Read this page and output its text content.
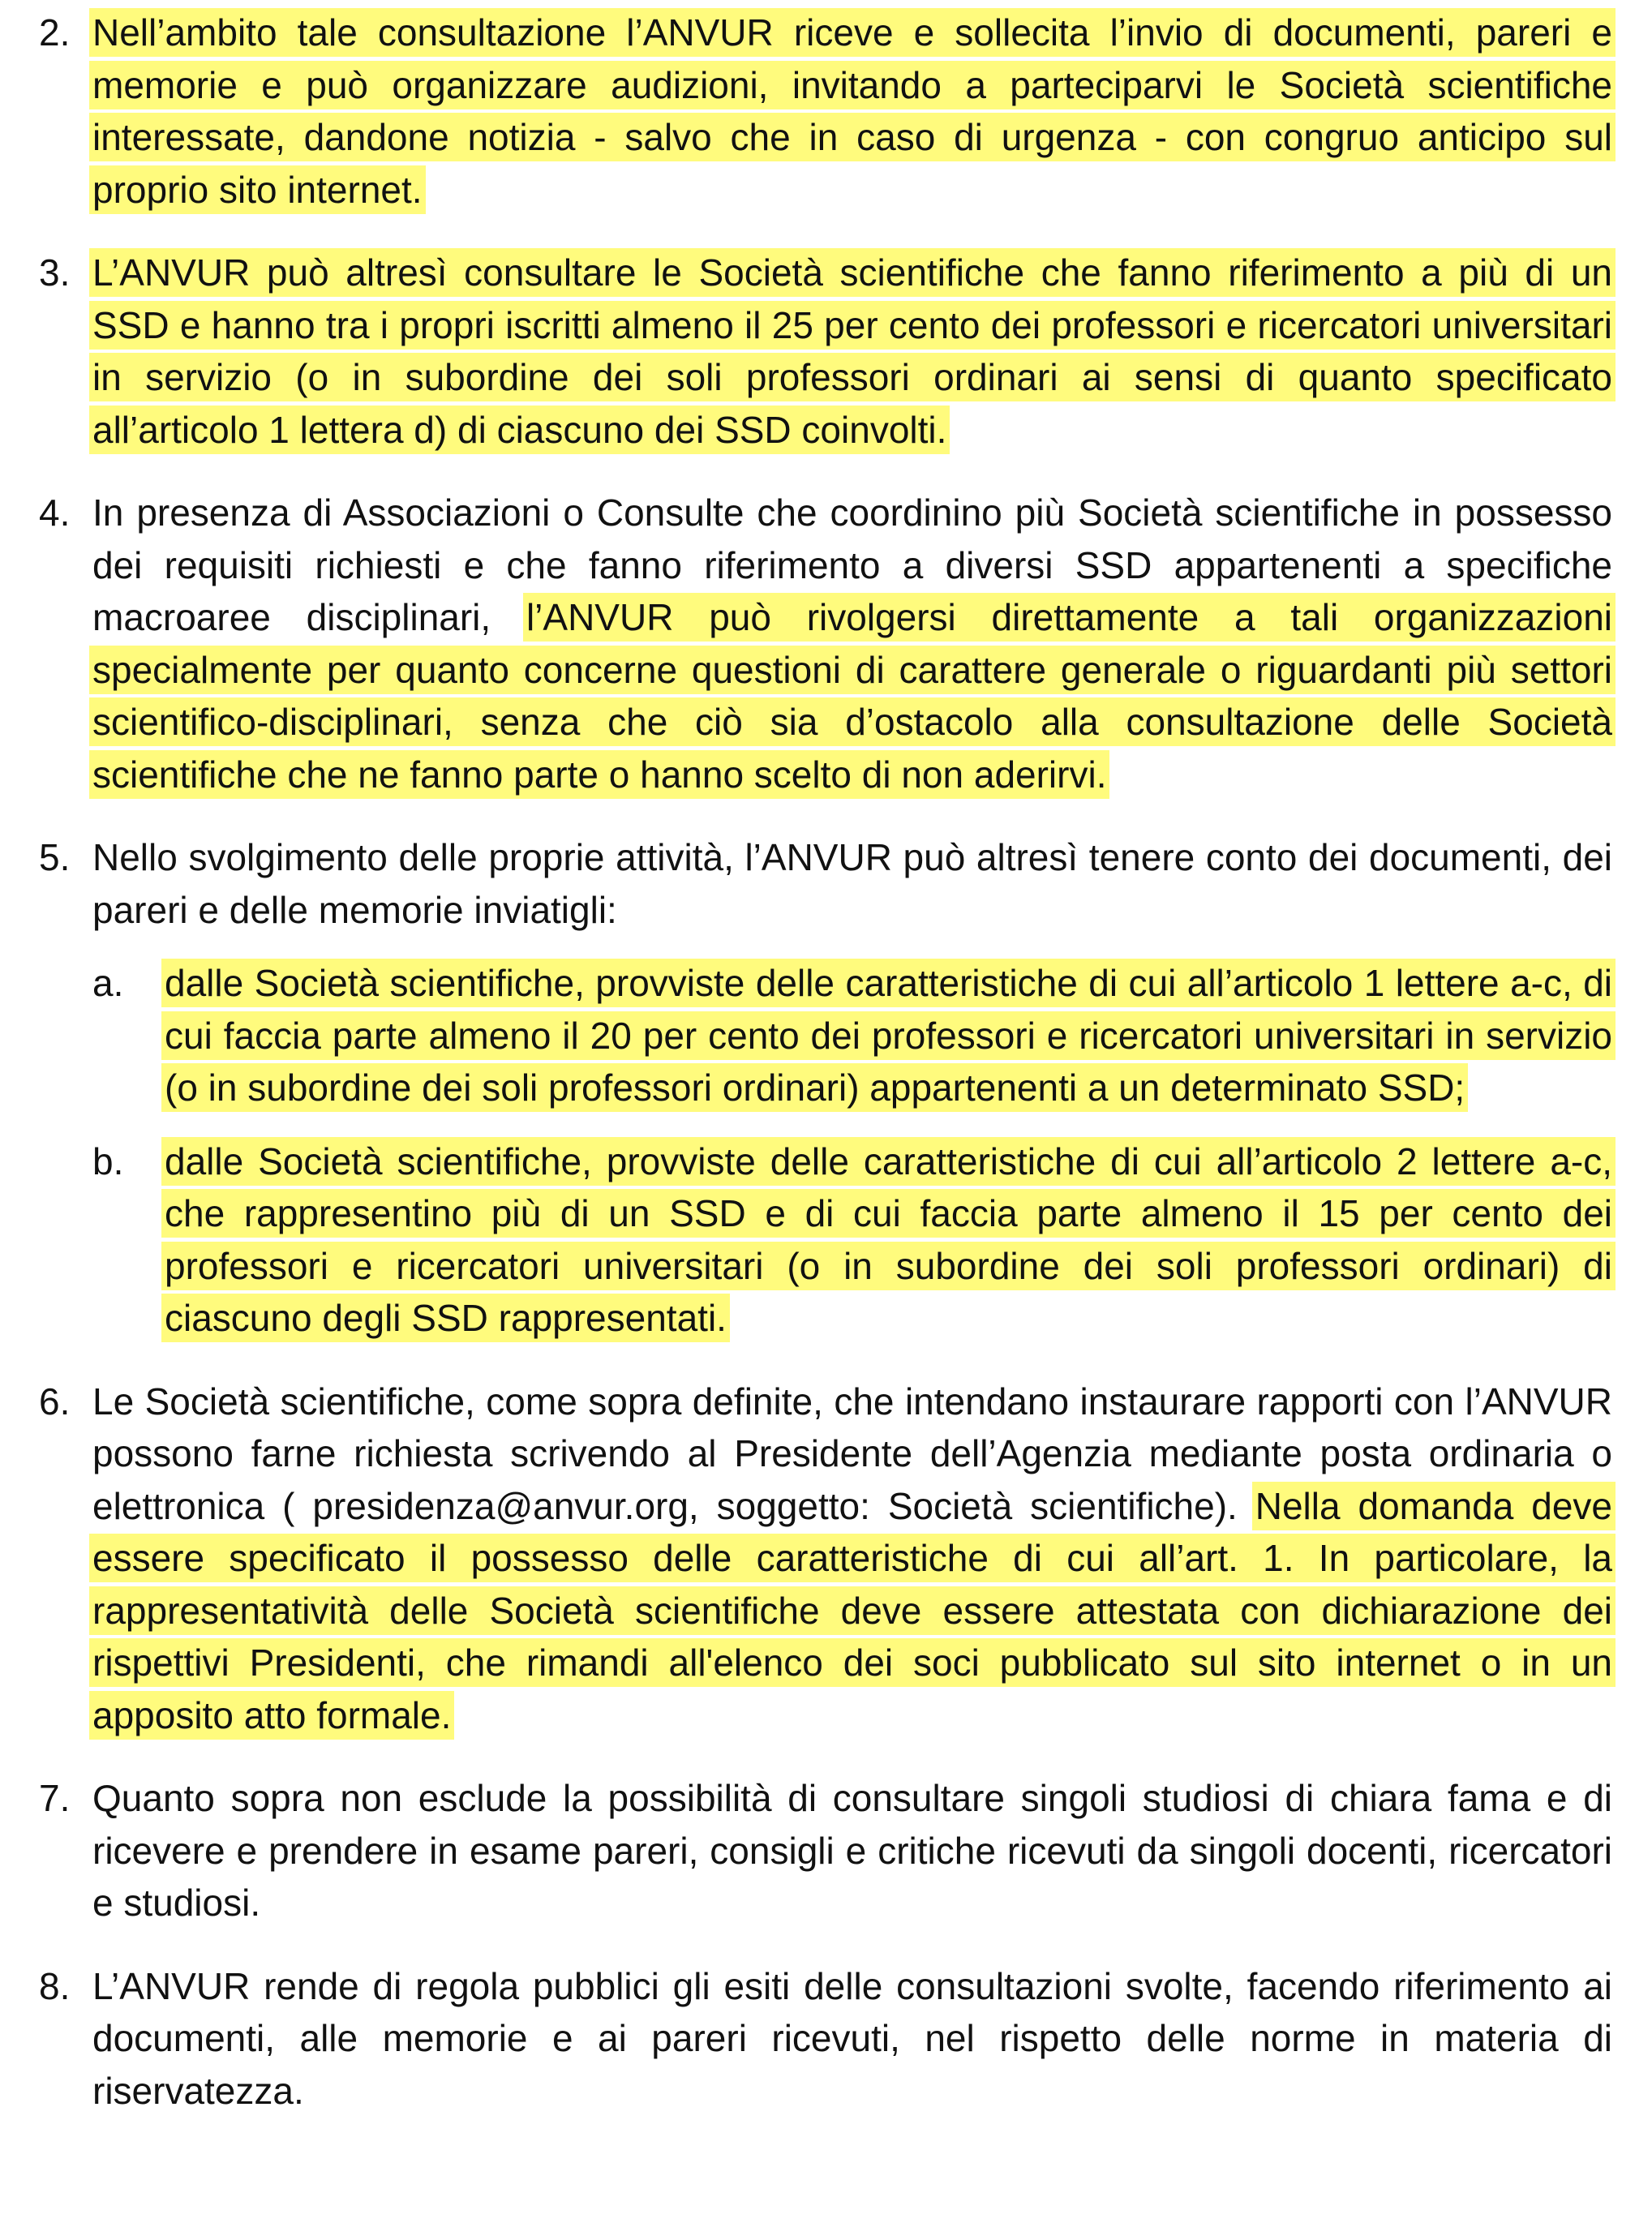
2. Nell’ambito tale consultazione l’ANVUR riceve e sollecita l’invio di documenti, pareri e memorie e può organizzare audizioni, invitando a parteciparvi le Società scientifiche interessate, dandone notizia - salvo che in caso di urgenza - con congruo anticipo sul proprio sito internet.

3. L’ANVUR può altresì consultare le Società scientifiche che fanno riferimento a più di un SSD e hanno tra i propri iscritti almeno il 25 per cento dei professori e ricercatori universitari in servizio (o in subordine dei soli professori ordinari ai sensi di quanto specificato all’articolo 1 lettera d) di ciascuno dei SSD coinvolti.

4. In presenza di Associazioni o Consulte che coordinino più Società scientifiche in possesso dei requisiti richiesti e che fanno riferimento a diversi SSD appartenenti a specifiche macroaree disciplinari, l’ANVUR può rivolgersi direttamente a tali organizzazioni specialmente per quanto concerne questioni di carattere generale o riguardanti più settori scientifico-disciplinari, senza che ciò sia d’ostacolo alla consultazione delle Società scientifiche che ne fanno parte o hanno scelto di non aderirvi.

5. Nello svolgimento delle proprie attività, l’ANVUR può altresì tenere conto dei documenti, dei pareri e delle memorie inviatigli:

a. dalle Società scientifiche, provviste delle caratteristiche di cui all’articolo 1 lettere a-c, di cui faccia parte almeno il 20 per cento dei professori e ricercatori universitari in servizio (o in subordine dei soli professori ordinari) appartenenti a un determinato SSD;

b. dalle Società scientifiche, provviste delle caratteristiche di cui all’articolo 2 lettere a-c, che rappresentino più di un SSD e di cui faccia parte almeno il 15 per cento dei professori e ricercatori universitari (o in subordine dei soli professori ordinari) di ciascuno degli SSD rappresentati.

6. Le Società scientifiche, come sopra definite, che intendano instaurare rapporti con l’ANVUR possono farne richiesta scrivendo al Presidente dell’Agenzia mediante posta ordinaria o elettronica ( presidenza@anvur.org, soggetto: Società scientifiche). Nella domanda deve essere specificato il possesso delle caratteristiche di cui all’art. 1. In particolare, la rappresentatività delle Società scientifiche deve essere attestata con dichiarazione dei rispettivi Presidenti, che rimandi all'elenco dei soci pubblicato sul sito internet o in un apposito atto formale.

7. Quanto sopra non esclude la possibilità di consultare singoli studiosi di chiara fama e di ricevere e prendere in esame pareri, consigli e critiche ricevuti da singoli docenti, ricercatori e studiosi.

8. L’ANVUR rende di regola pubblici gli esiti delle consultazioni svolte, facendo riferimento ai documenti, alle memorie e ai pareri ricevuti, nel rispetto delle norme in materia di riservatezza.
